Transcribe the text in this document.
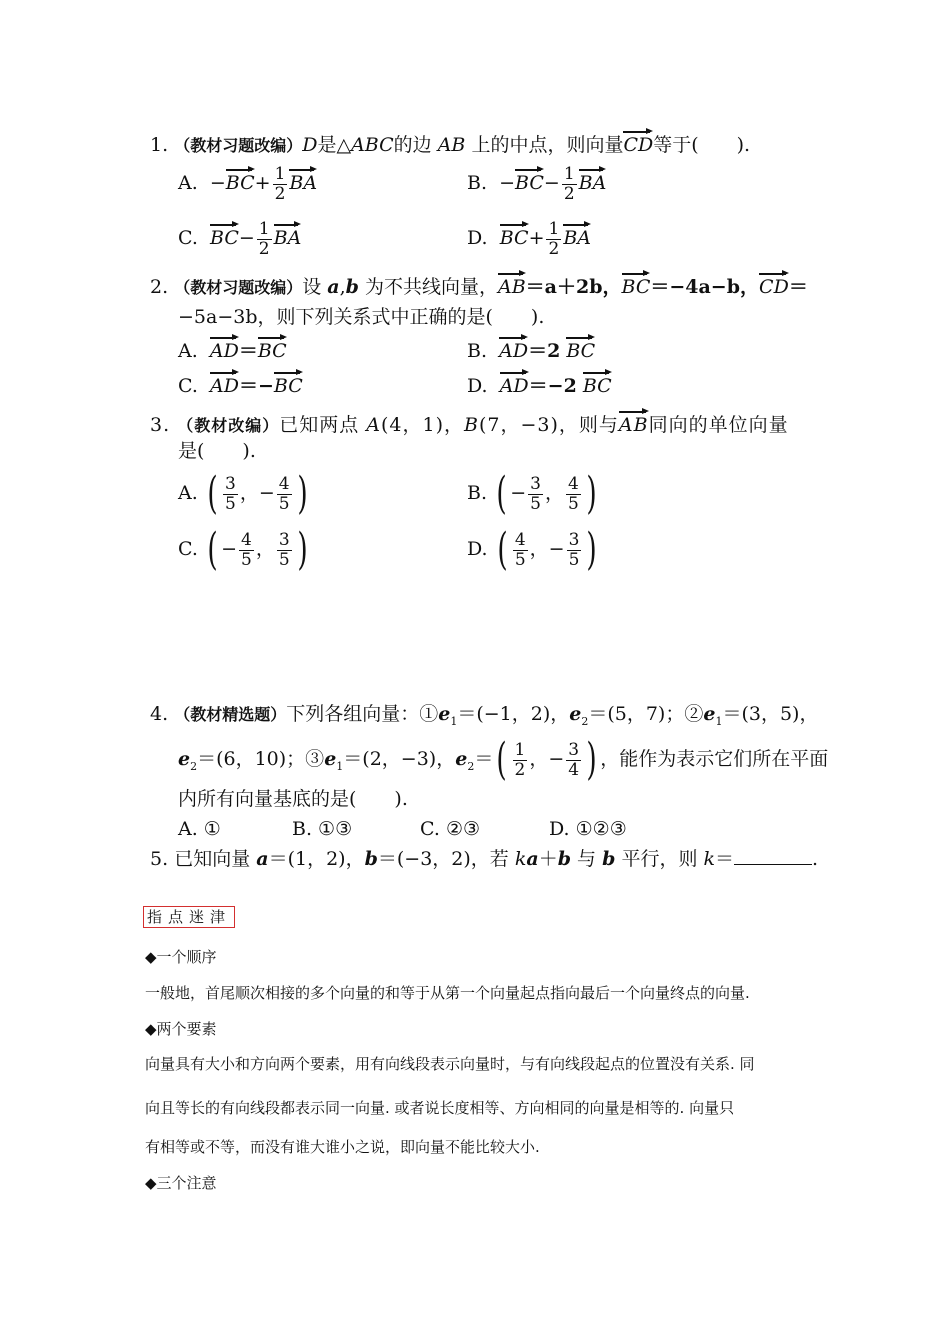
1. （教材习题改编）D是△ABC的边 AB 上的中点，则向量CD等于(　　).
A. $-BC+ \frac{1}{2}$ BA	B. $-BC- \frac{1}{2}$ BA
C. $BC- \frac{1}{2}$ BA	D. $BC+ \frac{1}{2}$ BA
2. （教材习题改编）设 a,b 为不共线向量，AB＝a＋2b，BC＝−4a−b，CD＝
−5a−3b，则下列关系式中正确的是(　　).
A. AD＝BC	B. AD＝2 BC
C. AD＝−BC	D. AD＝−2 BC
3. （教材改编）已知两点 A(4，1)，B(7，−3)，则与AB同向的单位向量
是(　　).
A. ( $\frac{3}{5}$ ，− $\frac{4}{5}$ )	B. ( − $\frac{3}{5}$ ， $\frac{4}{5}$ )
C. ( − $\frac{4}{5}$ ， $\frac{3}{5}$ )	D. ( $\frac{4}{5}$ ，− $\frac{3}{5}$ )
4. （教材精选题）下列各组向量：$①e_1=(-1$，2)，$e_2=(5$，7)；$②e_1=(3$，5)，
$e_2=(6$，10)；$③e_1=(2$，−3)，$e_2=( \frac{1}{2}$ ，− $\frac{3}{4}$ ) ，能作为表示它们所在平面
内所有向量基底的是(　　).
A. ①	B. ①③	C. ②③	D. ①②③
5. 已知向量 a＝(1，2)，b＝(−3，2)，若 ka＋b 与 b 平行，则 k＝	.
指点迷津
◆一个顺序
一般地，首尾顺次相接的多个向量的和等于从第一个向量起点指向最后一个向量终点的向量.
◆两个要素
向量具有大小和方向两个要素，用有向线段表示向量时，与有向线段起点的位置没有关系. 同
向且等长的有向线段都表示同一向量. 或者说长度相等、方向相同的向量是相等的. 向量只
有相等或不等，而没有谁大谁小之说，即向量不能比较大小.
◆三个注意
